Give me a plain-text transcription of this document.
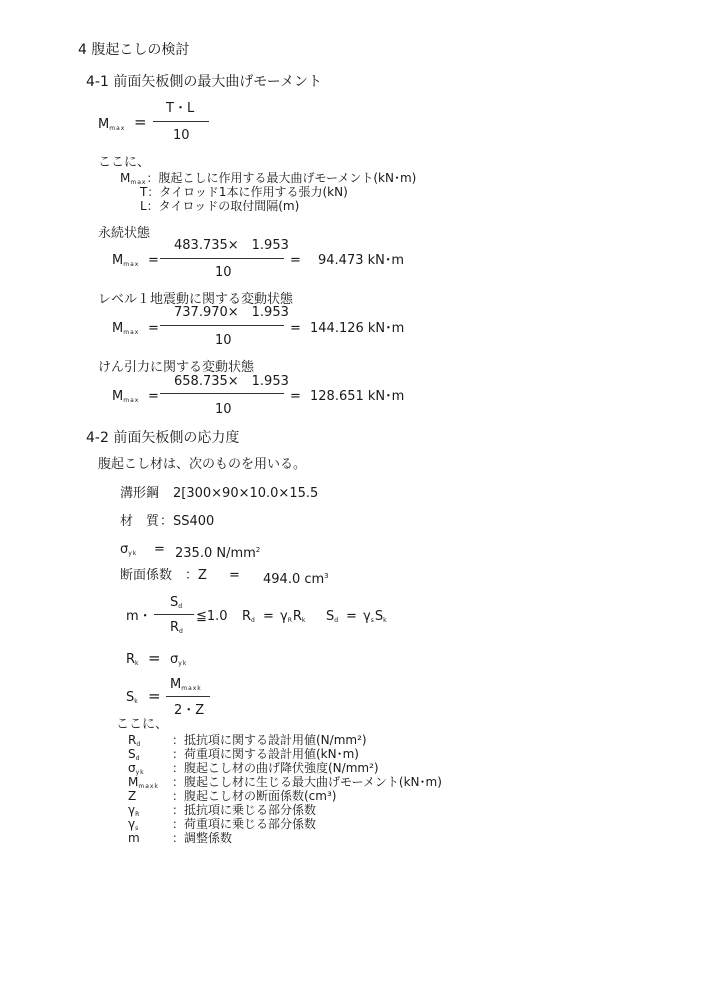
4 腹起こしの検討
4-1 前面矢板側の最大曲げモーメント
Mmax =
T・L
10
ここに、
Mmax：腹起こしに作用する最大曲げモーメント(kN･m)
T：タイロッド1本に作用する張力(kN)
L：タイロッドの取付間隔(m)
永続状態
Mmax =
483.735×　1.953
10
= 94.473 kN･m
レベル１地震動に関する変動状態
Mmax =
737.970×　1.953
10
= 144.126 kN･m
けん引力に関する変動状態
Mmax =
658.735×　1.953
10
= 128.651 kN･m
4-2 前面矢板側の応力度
腹起こし材は、次のものを用いる。
溝形鋼 2[300×90×10.0×15.5
材　質 ：SS400
σyk = 235.0 $N/mm^2$
断面係数　：Z = 494.0 $cm^3$
m・
Sd
Rd
≦1.0 Rd = γRRk Sd = γsSk
Rk = σyk
Sk =
Mmaxk
2・Z
ここに、
Rd	：抵抗項に関する設計用値(N/mm²)
Sd	：荷重項に関する設計用値(kN･m)
σyk ：腹起こし材の曲げ降伏強度(N/mm²)
Mmaxk ：腹起こし材に生じる最大曲げモーメント(kN･m)
Z	：腹起こし材の断面係数(cm³)
γR	：抵抗項に乗じる部分係数
γs	：荷重項に乗じる部分係数
m	：調整係数
